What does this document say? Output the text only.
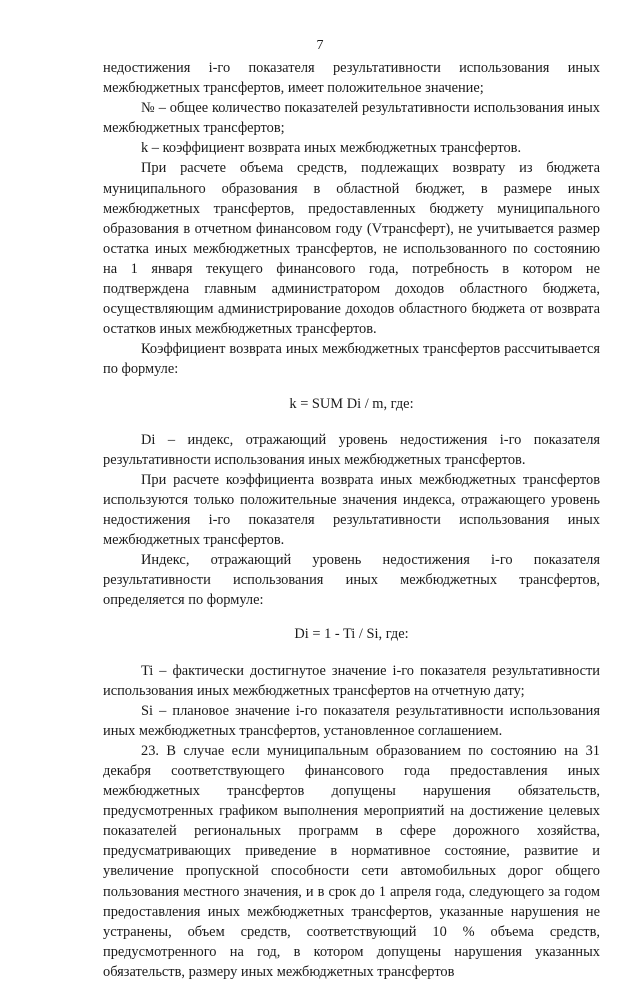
7

недостижения i-го показателя результативности использования иных межбюджетных трансфертов, имеет положительное значение;

№ – общее количество показателей результативности использования иных межбюджетных трансфертов;

k – коэффициент возврата иных межбюджетных трансфертов.

При расчете объема средств, подлежащих возврату из бюджета муниципального образования в областной бюджет, в размере иных межбюджетных трансфертов, предоставленных бюджету муниципального образования в отчетном финансовом году (Vтрансферт), не учитывается размер остатка иных межбюджетных трансфертов, не использованного по состоянию на 1 января текущего финансового года, потребность в котором не подтверждена главным администратором доходов областного бюджета, осуществляющим администрирование доходов областного бюджета от возврата остатков иных межбюджетных трансфертов.

Коэффициент возврата иных межбюджетных трансфертов рассчитывается по формуле:

k = SUM Di / m, где:

Di – индекс, отражающий уровень недостижения i-го показателя результативности использования иных межбюджетных трансфертов.

При расчете коэффициента возврата иных межбюджетных трансфертов используются только положительные значения индекса, отражающего уровень недостижения i-го показателя результативности использования иных межбюджетных трансфертов.

Индекс, отражающий уровень недостижения i-го показателя результативности использования иных межбюджетных трансфертов, определяется по формуле:

Di = 1 - Ti / Si, где:

Ti – фактически достигнутое значение i-го показателя результативности использования иных межбюджетных трансфертов на отчетную дату;

Si – плановое значение i-го показателя результативности использования иных межбюджетных трансфертов, установленное соглашением.

23. В случае если муниципальным образованием по состоянию на 31 декабря соответствующего финансового года предоставления иных межбюджетных трансфертов допущены нарушения обязательств, предусмотренных графиком выполнения мероприятий на достижение целевых показателей региональных программ в сфере дорожного хозяйства, предусматривающих приведение в нормативное состояние, развитие и увеличение пропускной способности сети автомобильных дорог общего пользования местного значения, и в срок до 1 апреля года, следующего за годом предоставления иных межбюджетных трансфертов, указанные нарушения не устранены, объем средств, соответствующий 10 % объема средств, предусмотренного на год, в котором допущены нарушения указанных обязательств, размеру иных межбюджетных трансфертов
